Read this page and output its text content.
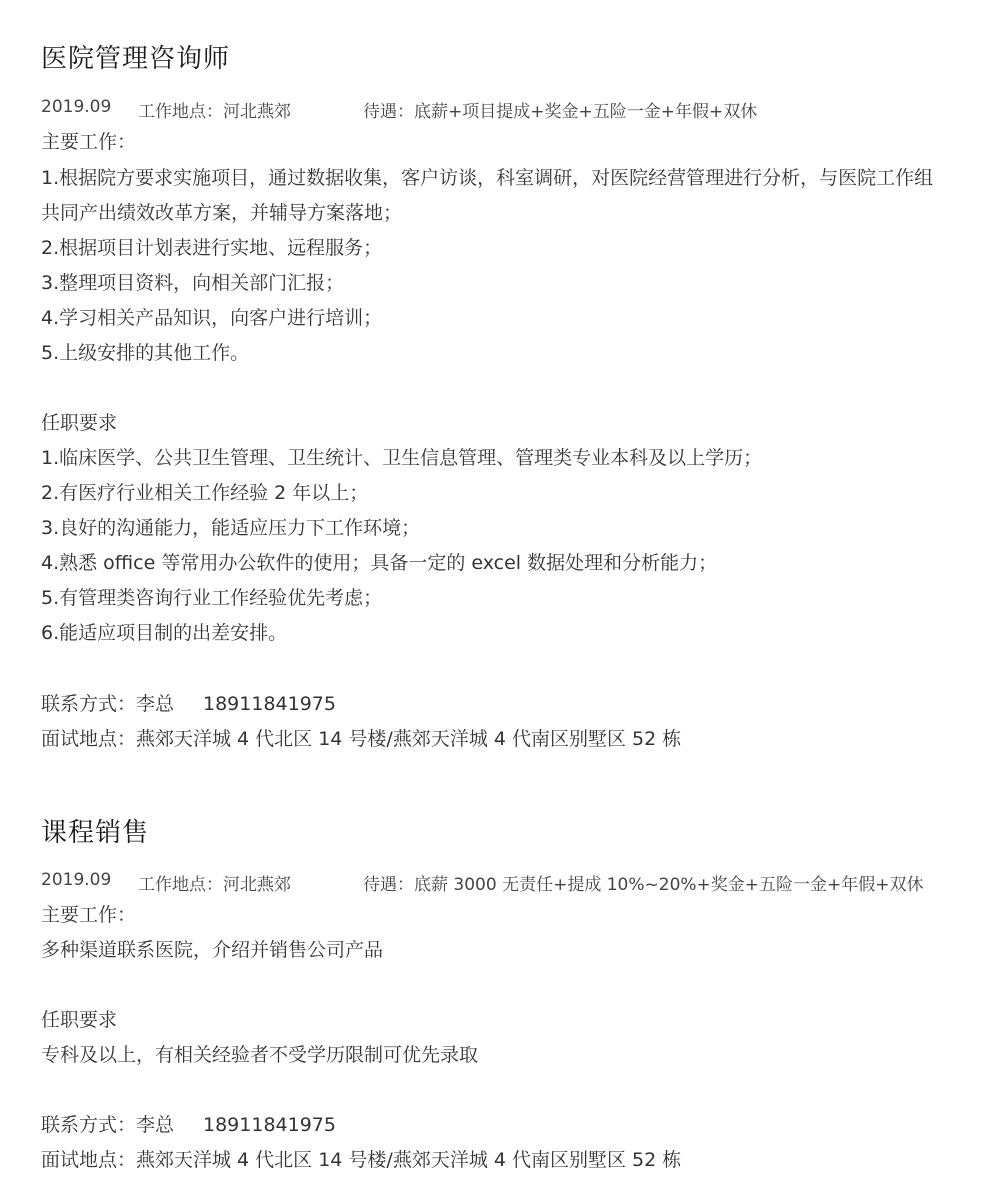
医院管理咨询师
2019.09 工作地点：河北燕郊	待遇：底薪+项目提成+奖金+五险一金+年假+双休
主要工作：
1.根据院方要求实施项目，通过数据收集，客户访谈，科室调研，对医院经营管理进行分析，与医院工作组
共同产出绩效改革方案，并辅导方案落地；
2.根据项目计划表进行实地、远程服务；
3.整理项目资料，向相关部门汇报；
4.学习相关产品知识，向客户进行培训；
5.上级安排的其他工作。
任职要求
1.临床医学、公共卫生管理、卫生统计、卫生信息管理、管理类专业本科及以上学历；
2.有医疗行业相关工作经验 2 年以上；
3.良好的沟通能力，能适应压力下工作环境；
4.熟悉 office 等常用办公软件的使用；具备一定的 excel 数据处理和分析能力；
5.有管理类咨询行业工作经验优先考虑；
6.能适应项目制的出差安排。
联系方式：李总 18911841975
面试地点：燕郊天洋城 4 代北区 14 号楼/燕郊天洋城 4 代南区别墅区 52 栋
课程销售
2019.09 工作地点：河北燕郊	待遇：底薪 3000 无责任+提成 10%~20%+奖金+五险一金+年假+双休
主要工作：
多种渠道联系医院，介绍并销售公司产品
任职要求
专科及以上，有相关经验者不受学历限制可优先录取
联系方式：李总 18911841975
面试地点：燕郊天洋城 4 代北区 14 号楼/燕郊天洋城 4 代南区别墅区 52 栋
